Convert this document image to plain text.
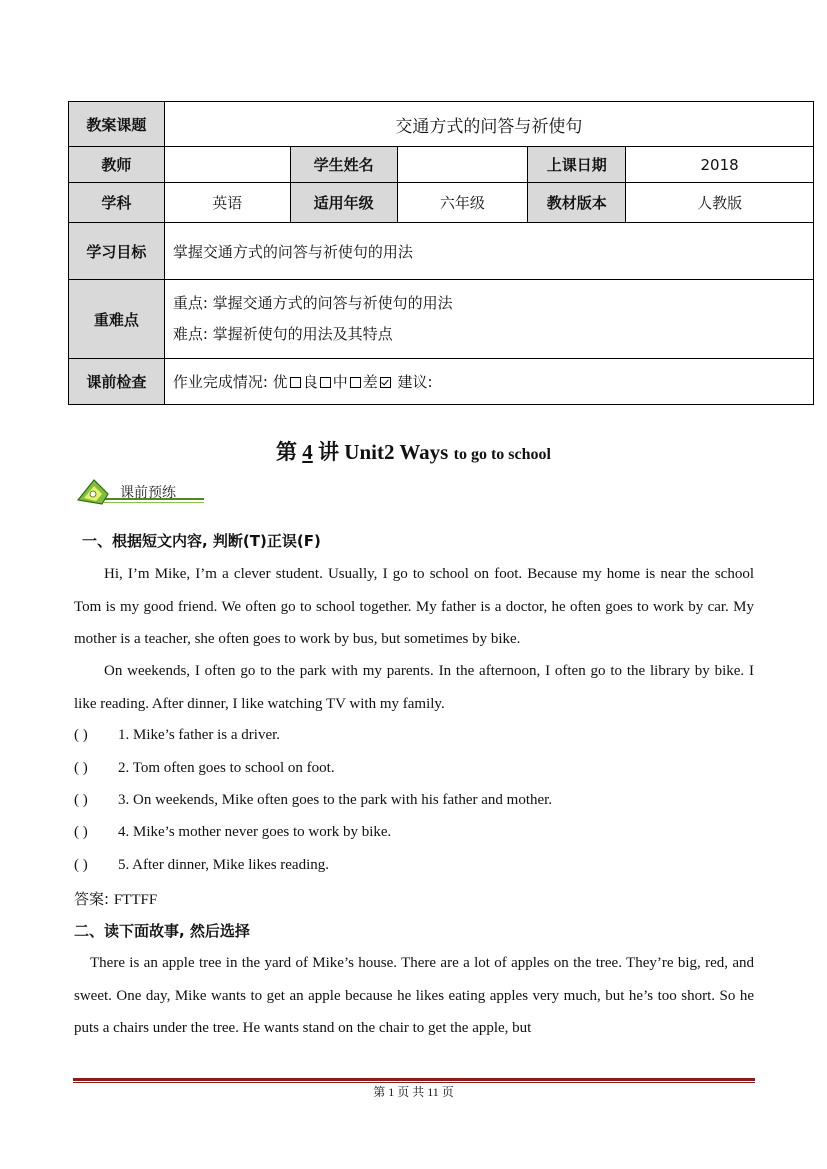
教案课题	交通方式的问答与祈使句				
教师		学生姓名		上课日期	2018
学科	英语	适用年级	六年级	教材版本	人教版
学习目标	掌握交通方式的问答与祈使句的用法				
重难点	重点: 掌握交通方式的问答与祈使句的用法
难点: 掌握祈使句的用法及其特点				

课前检查	作业完成情况: 优 良 中 差 建议:				
第 4 讲 Unit2 Ways to go to school
课前预练
一、根据短文内容, 判断(T)正误(F)
Hi, I’m Mike, I’m a clever student. Usually, I go to school on foot. Because my home is near the school Tom is my good friend. We often go to school together. My father is a doctor, he often goes to work by car. My mother is a teacher, she often goes to work by bus, but sometimes by bike.
On weekends, I often go to the park with my parents. In the afternoon, I often go to the library by bike. I like reading. After dinner, I like watching TV with my family.
( ) 1. Mike’s father is a driver.
( ) 2. Tom often goes to school on foot.
( ) 3. On weekends, Mike often goes to the park with his father and mother.
( ) 4. Mike’s mother never goes to work by bike.
( ) 5. After dinner, Mike likes reading.
答案: FTTFF
二、读下面故事, 然后选择
There is an apple tree in the yard of Mike’s house. There are a lot of apples on the tree. They’re big, red, and sweet. One day, Mike wants to get an apple because he likes eating apples very much, but he’s too short. So he puts a chairs under the tree. He wants stand on the chair to get the apple, but
第 1 页 共 11 页
